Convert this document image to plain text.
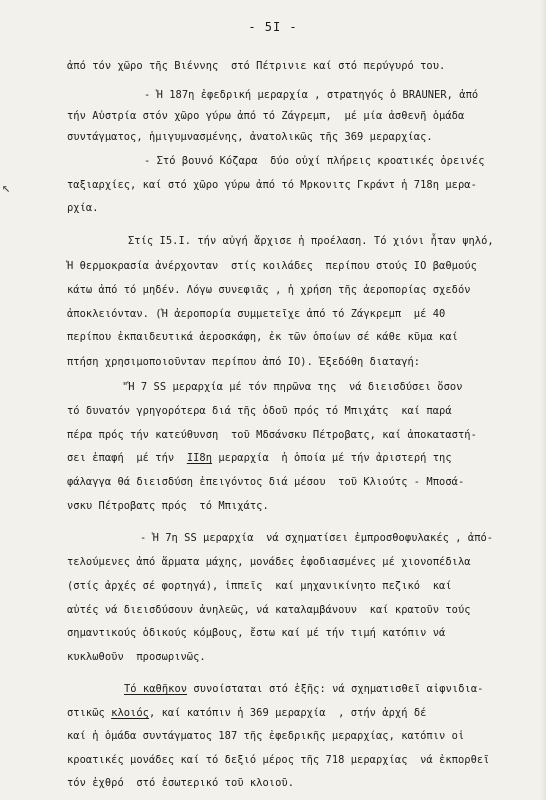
- 5I -
↖
ἀπό τόν χῶρο τῆς Βιέννης  στό Πέτρινιε καί στό περύγυρό του.
- Ἡ 187η ἐφεδρική μεραρχία , στρατηγός ὁ BRAUNER, ἀπό
τήν Αὐστρία στόν χῶρο γύρω ἀπό τό Ζάγρεμπ,  μέ μία ἀσθενῆ ὁμάδα
συντάγματος, ἡμιγυμνασμένης, ἀνατολικῶς τῆς 369 μεραρχίας.
- Στό βουνό Κόζαρα  δύο οὐχί πλήρεις κροατικές ὀρεινές
ταξιαρχίες, καί στό χῶρο γύρω ἀπό τό Μρκονιτς Γκράντ ἡ 718η μερα-
ρχία.
Στίς I5.I. τήν αὐγή ἄρχισε ἡ προέλαση. Τό χιόνι ἦταν ψηλό,
Ἡ θερμοκρασία ἀνέρχονταν  στίς κοιλάδες  περίπου στούς IO βαθμούς
κάτω ἀπό τό μηδέν. Λόγω συνεφιᾶς , ἡ χρήση τῆς ἀεροπορίας σχεδόν
ἀποκλειόνταν. (Ἡ ἀεροπορία συμμετεῖχε ἀπό τό Ζάγκρεμπ  μέ 40
περίπου ἐκπαιδευτικά ἀεροσκάφη, ἐκ τῶν ὁποίων σέ κάθε κῦμα καί
πτήση χρησιμοποιοῦνταν περίπου ἀπό IO). Ἐξεδόθη διαταγή:
"Ἡ 7 SS μεραρχία μέ τόν πηρῶνα της  νά διεισδύσει ὅσον
τό δυνατόν γρηγορότερα διά τῆς ὁδοῦ πρός τό Μπιχάτς  καί παρά
πέρα πρός τήν κατεύθυνση  τοῦ Μδσάνσκυ Πέτροβατς, καί ἀποκαταστή-
σει ἐπαφή  μέ τήν  II8η μεραρχία  ἡ ὁποία μέ τήν ἀριστερή της
φάλαγγα θά διεισδύση ἐπειγόντος διά μέσου  τοῦ Κλιούτς - Μποσά-
νσκυ Πέτροβατς πρός  τό Μπιχάτς.
- Ἡ 7η SS μεραρχία  νά σχηματίσει ἐμπροσθοφυλακές , ἀπό-
τελούμενες ἀπό ἅρματα μάχης, μονάδες ἐφοδιασμένες μέ χιονοπέδιλα
(στίς ἀρχές σέ φορτηγά), ἱππεῖς  καί μηχανικίνητο πεζικό  καί
αὐτές νά διεισδύσουν ἀνηλεῶς, νά καταλαμβάνουν  καί κρατοῦν τούς
σημαντικούς ὁδικούς κόμβους, ἔστω καί μέ τήν τιμή κατόπιν νά
κυκλωθοῦν  προσωρινῶς.
Τό καθῆκον συνοίσταται στό ἑξῆς: νά σχηματισθεῖ αἰφνιδια-
στικῶς κλοιός, καί κατόπιν ἡ 369 μεραρχία  , στήν ἀρχή δέ
καί ἡ ὁμάδα συντάγματος 187 τῆς ἐφεδρικῆς μεραρχίας, κατόπιν οἱ
κροατικές μονάδες καί τό δεξιό μέρος τῆς 718 μεραρχίας  νά ἐκπορθεῖ
τόν ἐχθρό  στό ἐσωτερικό τοῦ κλοιοῦ.
